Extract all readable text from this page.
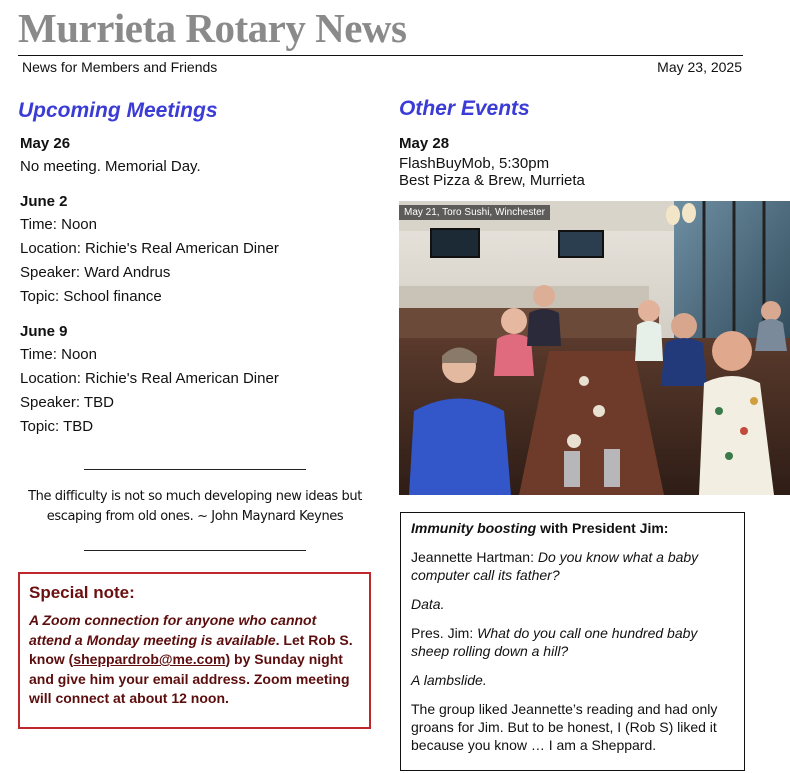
Murrieta Rotary News
News for Members and Friends	May 23, 2025
Upcoming Meetings
May 26
No meeting. Memorial Day.
June 2
Time: Noon
Location: Richie's Real American Diner
Speaker: Ward Andrus
Topic: School finance
June 9
Time: Noon
Location: Richie's Real American Diner
Speaker: TBD
Topic: TBD
The difficulty is not so much developing new ideas but escaping from old ones. ~ John Maynard Keynes
Special note:
A Zoom connection for anyone who cannot attend a Monday meeting is available. Let Rob S. know (sheppardrob@me.com) by Sunday night and give him your email address. Zoom meeting will connect at about 12 noon.
Other Events
May 28
FlashBuyMob, 5:30pm
Best Pizza & Brew, Murrieta
May 21, Toro Sushi, Winchester

Immunity boosting with President Jim:

Jeannette Hartman: Do you know what a baby computer call its father?

Data.

Pres. Jim: What do you call one hundred baby sheep rolling down a hill?

A lambslide.

The group liked Jeannette’s reading and had only groans for Jim. But to be honest, I (Rob S) liked it because you know … I am a Sheppard.
